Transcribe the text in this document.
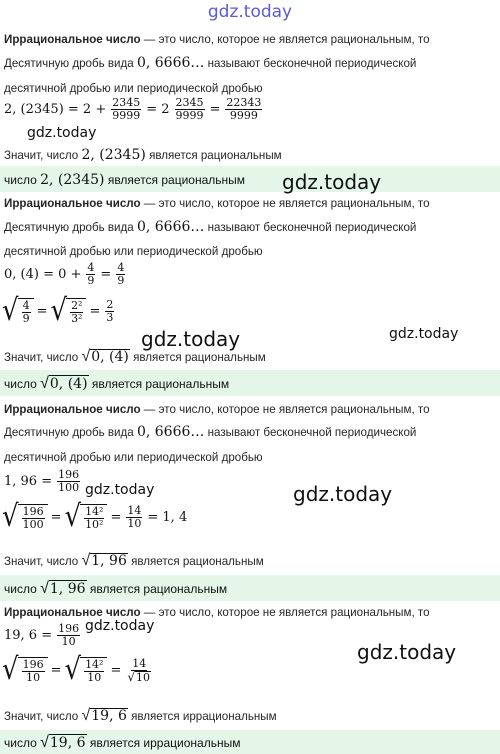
gdz.today
Иррациональное число — это число, которое не является рациональным, то
Десятичную дробь вида 0, 6666… называют бесконечной периодической
десятичной дробью или периодической дробью
2, $(2345) = 2 + \frac{2345}{9999} = 2 \frac{2345}{9999} = \frac{22343}{9999}$
gdz.today
Значит, число 2, (2345) является рациональным
число 2, (2345) является рациональным gdz.today
Иррациональное число — это число, которое не является рациональным, то
Десятичную дробь вида 0, 6666… называют бесконечной периодической
десятичной дробью или периодической дробью
0, $(4) = 0 + \frac{4}{9} = \frac{4}{9}$
√ $\frac{4}{9}$ = √ $\frac{\text{2²}}{\text{3²}} = \frac{2}{3}$
gdz.today	gdz.today
Значит, число √ 0, (4) является рациональным
число √ 0, (4) является рациональным
Иррациональное число — это число, которое не является рациональным, то
Десятичную дробь вида 0, 6666… называют бесконечной периодической
десятичной дробью или периодической дробью
1, $96 = \frac{196}{100}$ gdz.today	gdz.today
√ $\frac{196}{100}$ = √ $\frac{\text{14²}}{\text{10²}} = \frac{14}{10} = 1$, 4
Значит, число √ 1, 96 является рациональным
число √ 1, 96 является рациональным
Иррациональное число — это число, которое не является рациональным, то
19, $6 = \frac{196}{10}$ gdz.today
gdz.today
√ $\frac{196}{10}$ = √ $\frac{\text{14²}}{10} = \frac{14}{√ 10}$
Значит, число √ 19, 6 является иррациональным
число √ 19, 6 является иррациональным
